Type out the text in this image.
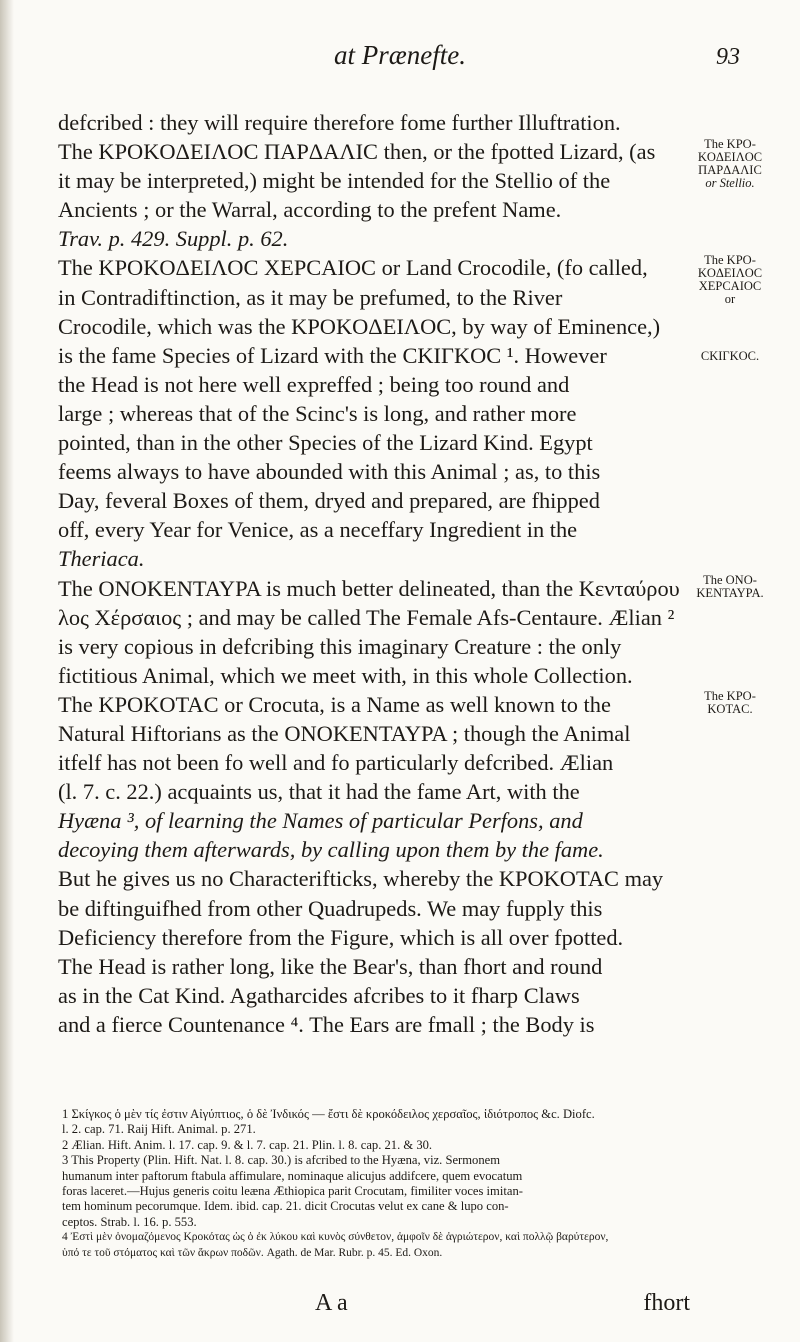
at Prænefte.	93
defcribed : they will require therefore fome further Illuftration.
The KPOKOΔEIΛOC ΠAPΔAΛIC then, or the fpotted Lizard, (as
it may be interpreted,) might be intended for the Stellio of the
Ancients ; or the Warral, according to the prefent Name.
Trav. p. 429. Suppl. p. 62.
The KPOKOΔEIΛOC XEPCAIOC or Land Crocodile, (fo called,
in Contradiftinction, as it may be prefumed, to the River
Crocodile, which was the KPOKOΔEIΛOC, by way of Eminence,)
is the fame Species of Lizard with the CKIΓKOC ¹. However
the Head is not here well expreffed ; being too round and
large ; whereas that of the Scinc's is long, and rather more
pointed, than in the other Species of the Lizard Kind. Egypt
feems always to have abounded with this Animal ; as, to this
Day, feveral Boxes of them, dryed and prepared, are fhipped
off, every Year for Venice, as a neceffary Ingredient in the
Theriaca.
The ONOKENTAYPA is much better delineated, than the Κενταύρου
λος Χέρσαιος ; and may be called The Female Afs-Centaure. Ælian ²
is very copious in defcribing this imaginary Creature : the only
fictitious Animal, which we meet with, in this whole Collection.
The KPOKOTAC or Crocuta, is a Name as well known to the
Natural Hiftorians as the ONOKENTAYPA ; though the Animal
itfelf has not been fo well and fo particularly defcribed. Ælian
(l. 7. c. 22.) acquaints us, that it had the fame Art, with the
Hyæna ³, of learning the Names of particular Perfons, and
decoying them afterwards, by calling upon them by the fame.
But he gives us no Characterifticks, whereby the KPOKOTAC may
be diftinguifhed from other Quadrupeds. We may fupply this
Deficiency therefore from the Figure, which is all over fpotted.
The Head is rather long, like the Bear's, than fhort and round
as in the Cat Kind. Agatharcides afcribes to it fharp Claws
and a fierce Countenance ⁴. The Ears are fmall ; the Body is
The KPO-
KOΔEIΛOC
ΠAPΔAΛIC
or Stellio.
The KPO-
KOΔEIΛOC
XEPCAIOC
or
CKIΓKOC.
The ONO-
KENTAYPA.
The KPO-
KOTAC.
1 Σκίγκος ὁ μὲν τίς ἐστιν Αἰγύπτιος, ὁ δὲ Ἰνδικός — ἔστι δὲ κροκόδειλος χερσαῖος, ἰδιότροπος &c. Diofc.
l. 2. cap. 71. Raij Hift. Animal. p. 271.
2 Ælian. Hift. Anim. l. 17. cap. 9. & l. 7. cap. 21. Plin. l. 8. cap. 21. & 30.
3 This Property (Plin. Hift. Nat. l. 8. cap. 30.) is afcribed to the Hyæna, viz. Sermonem
humanum inter paftorum ftabula affimulare, nominaque alicujus addifcere, quem evocatum
foras laceret.—Hujus generis coitu leæna Æthiopica parit Crocutam, fimiliter voces imitan-
tem hominum pecorumque. Idem. ibid. cap. 21. dicit Crocutas velut ex cane & lupo con-
ceptos. Strab. l. 16. p. 553.
4 Ἐστὶ μὲν ὀνομαζόμενος Κροκότας ὡς ὁ ἐκ λύκου καὶ κυνὸς σύνθετον, ἀμφοῖν δὲ ἀγριώτερον, καὶ πολλῷ βαρύτερον,
ὑπό τε τοῦ στόματος καὶ τῶν ἄκρων ποδῶν. Agath. de Mar. Rubr. p. 45. Ed. Oxon.
A a	fhort
